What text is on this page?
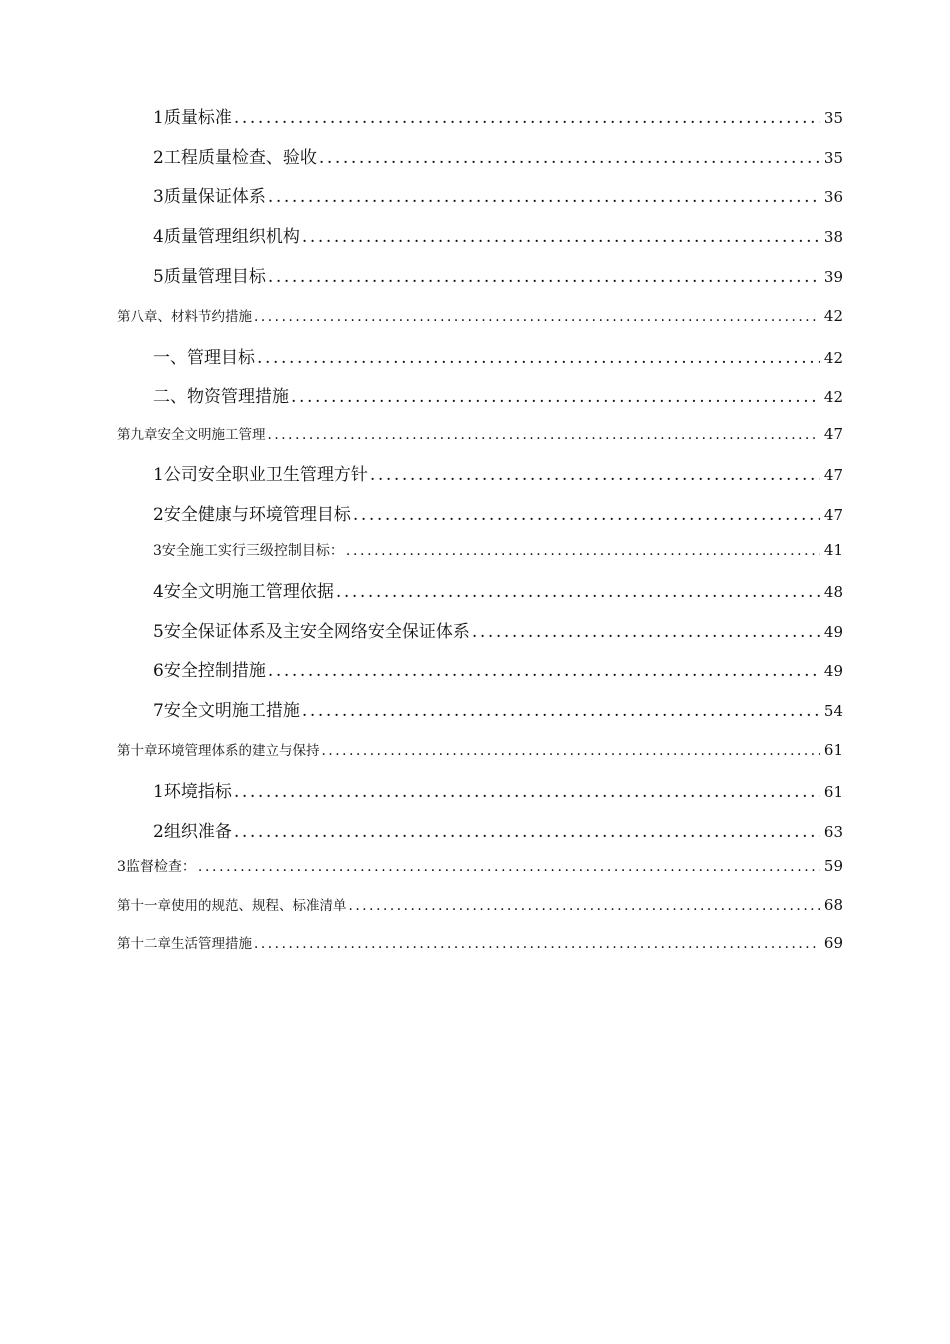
1质量标准 .....	35
2工程质量检查、验收 .....	35
3质量保证体系 .....	36
4质量管理组织机构 .....	38
5质量管理目标 .....	39
第八章、材料节约措施 .....	42
一、管理目标 .....	42
二、物资管理措施 .....	42
第九章安全文明施工管理 .....	47
1公司安全职业卫生管理方针 .....	47
2安全健康与环境管理目标 .....	47
3安全施工实行三级控制目标： .....	41
4安全文明施工管理依据 .....	48
5安全保证体系及主安全网络安全保证体系 .....	49
6安全控制措施 .....	49
7安全文明施工措施 .....	54
第十章环境管理体系的建立与保持 .....	61
1环境指标 .....	61
2组织准备 .....	63
3监督检查： .....	59
第十一章使用的规范、规程、标准清单 .....	68
第十二章生活管理措施 .....	69
